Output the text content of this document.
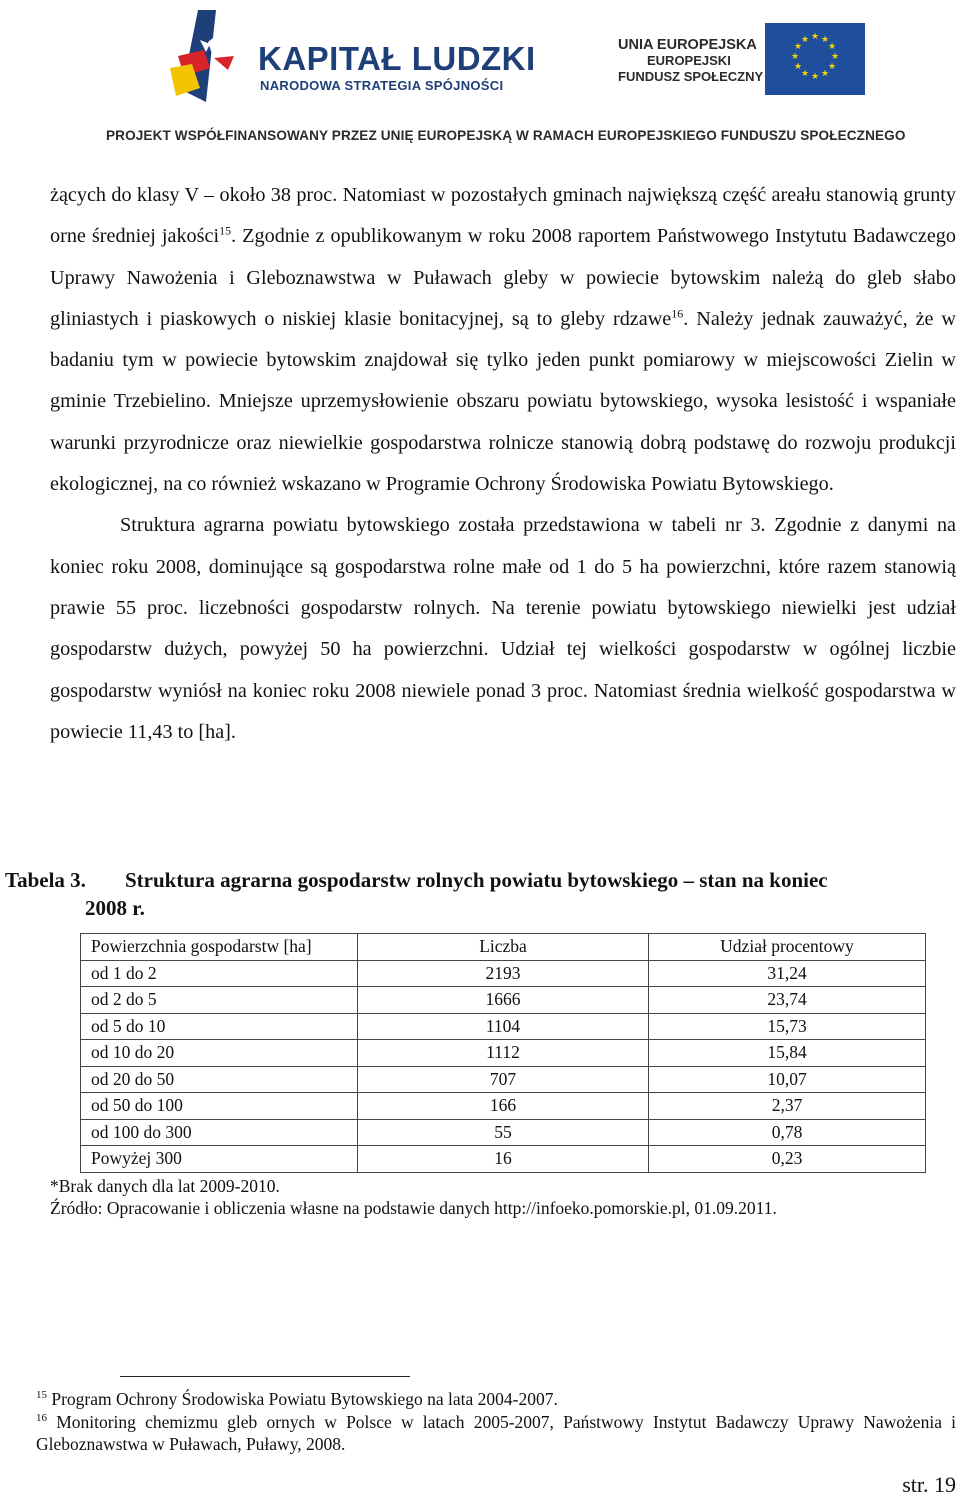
KAPITAŁ LUDZKI
NARODOWA STRATEGIA SPÓJNOŚCI
UNIA EUROPEJSKA
EUROPEJSKI
FUNDUSZ SPOŁECZNY
★ ★
★
★
★
★
★
★
★
★
★
★
PROJEKT WSPÓŁFINANSOWANY PRZEZ UNIĘ EUROPEJSKĄ W RAMACH EUROPEJSKIEGO FUNDUSZU SPOŁECZNEGO

żących do klasy V – około 38 proc. Natomiast w pozostałych gminach największą część areału stanowią grunty orne średniej jakości$^{15}$. Zgodnie z opublikowanym w roku 2008 raportem Państwowego Instytutu Badawczego Uprawy Nawożenia i Gleboznawstwa w Puławach gleby w powiecie bytowskim należą do gleb słabo gliniastych i piaskowych o niskiej klasie bonitacyjnej, są to gleby rdzawe$^{16}$. Należy jednak zauważyć, że w badaniu tym w powiecie bytowskim znajdował się tylko jeden punkt pomiarowy w miejscowości Zielin w gminie Trzebielino. Mniejsze uprzemysłowienie obszaru powiatu bytowskiego, wysoka lesistość i wspaniałe warunki przyrodnicze oraz niewielkie gospodarstwa rolnicze stanowią dobrą podstawę do rozwoju produkcji ekologicznej, na co również wskazano w Programie Ochrony Środowiska Powiatu Bytowskiego.

Struktura agrarna powiatu bytowskiego została przedstawiona w tabeli nr 3. Zgodnie z danymi na koniec roku 2008, dominujące są gospodarstwa rolne małe od 1 do 5 ha powierzchni, które razem stanowią prawie 55 proc. liczebności gospodarstw rolnych. Na terenie powiatu bytowskiego niewielki jest udział gospodarstw dużych, powyżej 50 ha powierzchni. Udział tej wielkości gospodarstw w ogólnej liczbie gospodarstw wyniósł na koniec roku 2008 niewiele ponad 3 proc. Natomiast średnia wielkość gospodarstwa w powiecie 11,43 to [ha].

Tabela 3. Struktura agrarna gospodarstw rolnych powiatu bytowskiego – stan na koniec
2008 r.
Powierzchnia gospodarstw [ha]	Liczba	Udział procentowy
od 1 do 2	2193	31,24
od 2 do 5	1666	23,74
od 5 do 10	1104	15,73
od 10 do 20	1112	15,84
od 20 do 50	707	10,07
od 50 do 100	166	2,37
od 100 do 300	55	0,78
Powyżej 300	16	0,23
*Brak danych dla lat 2009-2010.
Źródło: Opracowanie i obliczenia własne na podstawie danych http://infoeko.pomorskie.pl, 01.09.2011.
$^{15}$ Program Ochrony Środowiska Powiatu Bytowskiego na lata 2004-2007.
$^{16}$ Monitoring chemizmu gleb ornych w Polsce w latach 2005-2007, Państwowy Instytut Badawczy Uprawy Nawożenia i Gleboznawstwa w Puławach, Puławy, 2008.
str. 19
